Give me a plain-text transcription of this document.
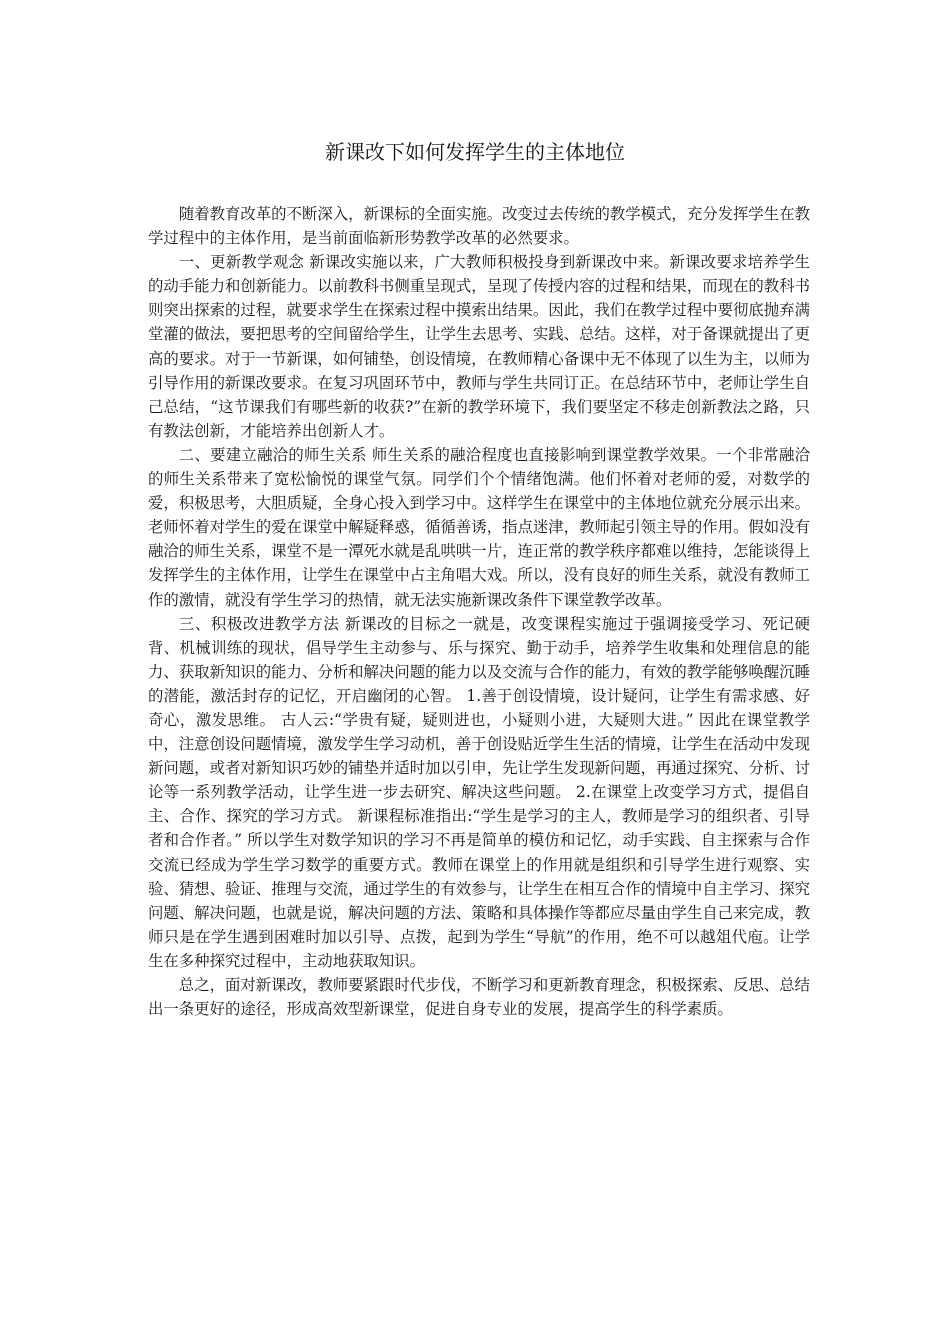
新课改下如何发挥学生的主体地位

随着教育改革的不断深入，新课标的全面实施。改变过去传统的教学模式，充分发挥学生在教学过程中的主体作用，是当前面临新形势教学改革的必然要求。

一、更新教学观念 新课改实施以来，广大教师积极投身到新课改中来。新课改要求培养学生的动手能力和创新能力。以前教科书侧重呈现式，呈现了传授内容的过程和结果，而现在的教科书则突出探索的过程，就要求学生在探索过程中摸索出结果。因此，我们在教学过程中要彻底抛弃满堂灌的做法，要把思考的空间留给学生，让学生去思考、实践、总结。这样，对于备课就提出了更高的要求。对于一节新课，如何铺垫，创设情境，在教师精心备课中无不体现了以生为主，以师为引导作用的新课改要求。在复习巩固环节中，教师与学生共同订正。在总结环节中，老师让学生自己总结，“这节课我们有哪些新的收获?”在新的教学环境下，我们要坚定不移走创新教法之路，只有教法创新，才能培养出创新人才。

二、要建立融洽的师生关系 师生关系的融洽程度也直接影响到课堂教学效果。一个非常融洽的师生关系带来了宽松愉悦的课堂气氛。同学们个个情绪饱满。他们怀着对老师的爱，对数学的爱，积极思考，大胆质疑，全身心投入到学习中。这样学生在课堂中的主体地位就充分展示出来。老师怀着对学生的爱在课堂中解疑释惑，循循善诱，指点迷津，教师起引领主导的作用。假如没有融洽的师生关系，课堂不是一潭死水就是乱哄哄一片，连正常的教学秩序都难以维持，怎能谈得上发挥学生的主体作用，让学生在课堂中占主角唱大戏。所以，没有良好的师生关系，就没有教师工作的激情，就没有学生学习的热情，就无法实施新课改条件下课堂教学改革。

三、积极改进教学方法 新课改的目标之一就是，改变课程实施过于强调接受学习、死记硬背、机械训练的现状，倡导学生主动参与、乐与探究、勤于动手，培养学生收集和处理信息的能力、获取新知识的能力、分析和解决问题的能力以及交流与合作的能力，有效的教学能够唤醒沉睡的潜能，激活封存的记忆，开启幽闭的心智。 1.善于创设情境，设计疑问，让学生有需求感、好奇心，激发思维。 古人云:“学贵有疑，疑则进也，小疑则小进，大疑则大进。” 因此在课堂教学中，注意创设问题情境，激发学生学习动机，善于创设贴近学生生活的情境，让学生在活动中发现新问题，或者对新知识巧妙的铺垫并适时加以引申，先让学生发现新问题，再通过探究、分析、讨论等一系列教学活动，让学生进一步去研究、解决这些问题。 2.在课堂上改变学习方式，提倡自主、合作、探究的学习方式。 新课程标准指出:“学生是学习的主人，教师是学习的组织者、引导者和合作者。” 所以学生对数学知识的学习不再是简单的模仿和记忆，动手实践、自主探索与合作交流已经成为学生学习数学的重要方式。教师在课堂上的作用就是组织和引导学生进行观察、实验、猜想、验证、推理与交流，通过学生的有效参与，让学生在相互合作的情境中自主学习、探究问题、解决问题，也就是说，解决问题的方法、策略和具体操作等都应尽量由学生自己来完成，教师只是在学生遇到困难时加以引导、点拨，起到为学生“导航”的作用，绝不可以越俎代庖。让学生在多种探究过程中，主动地获取知识。

总之，面对新课改，教师要紧跟时代步伐，不断学习和更新教育理念，积极探索、反思、总结出一条更好的途径，形成高效型新课堂，促进自身专业的发展，提高学生的科学素质。
